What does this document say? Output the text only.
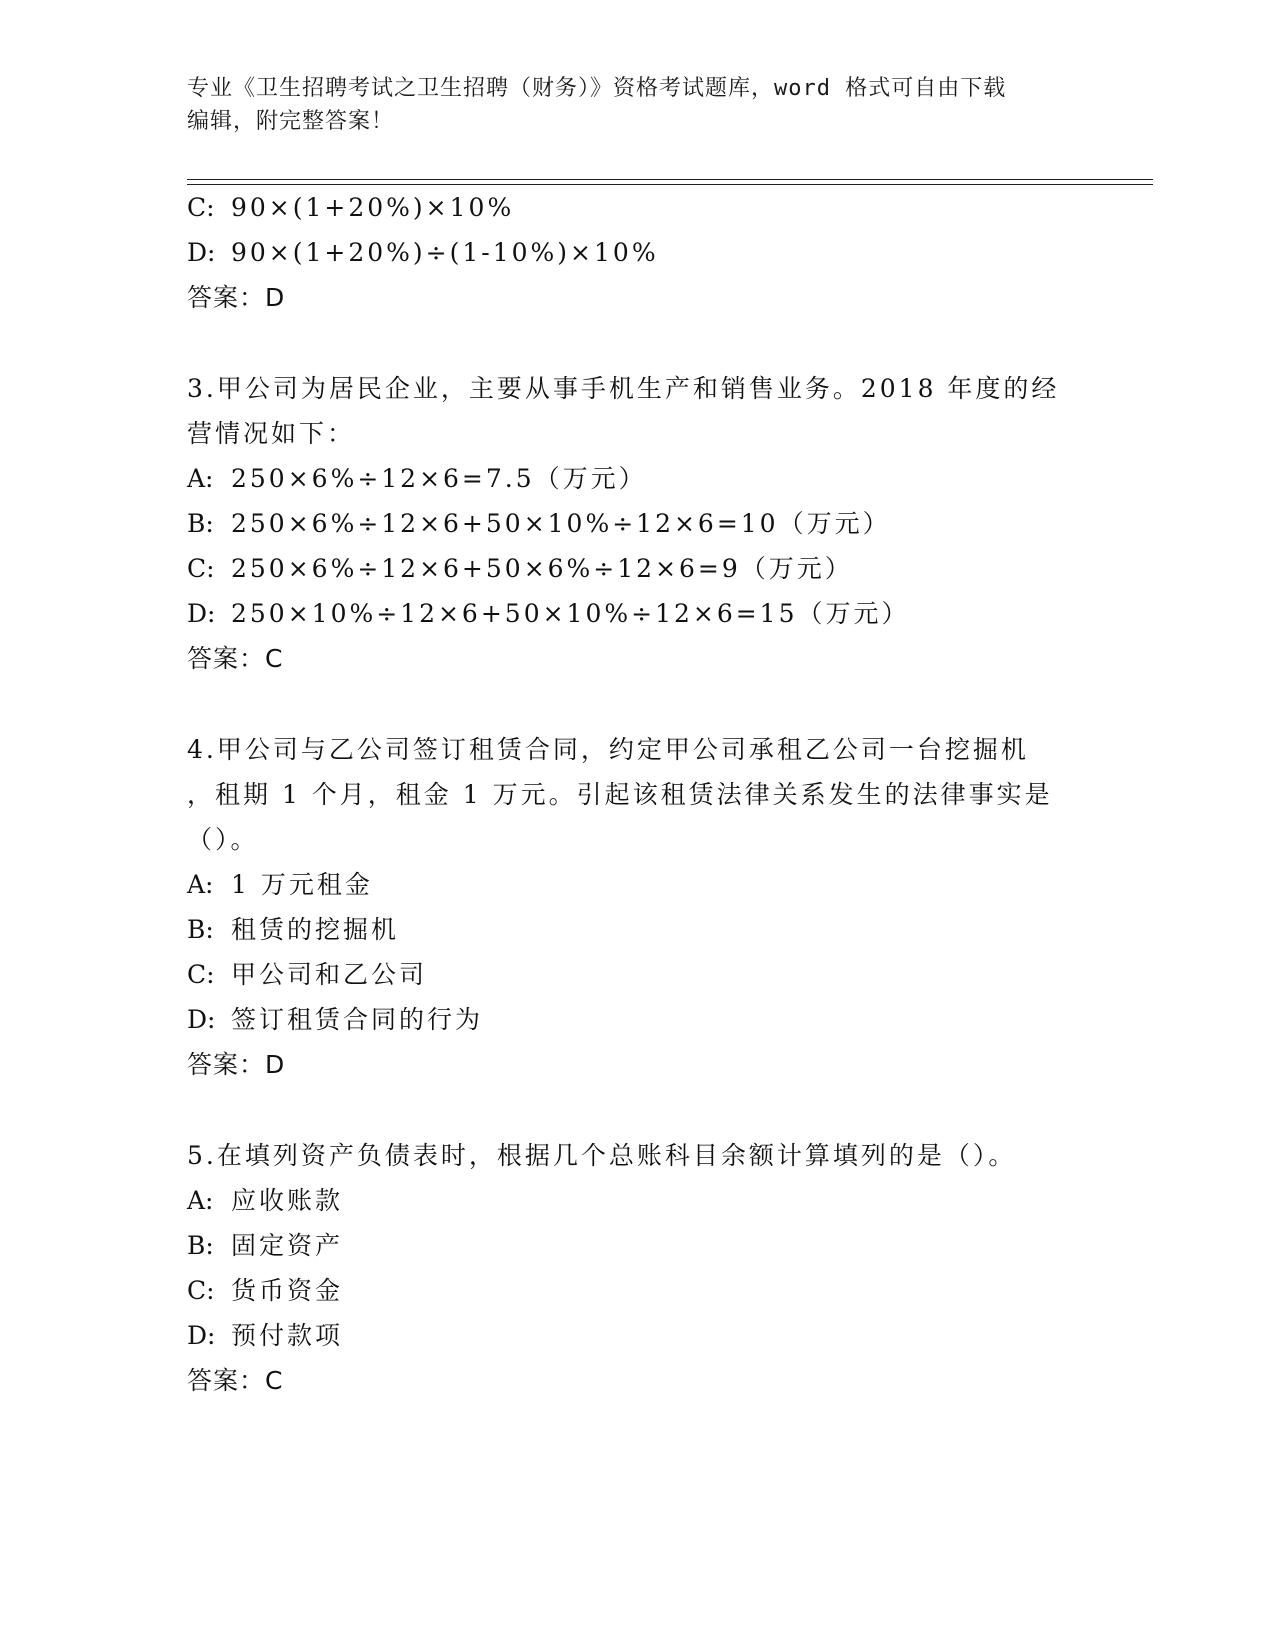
专业《卫生招聘考试之卫生招聘（财务）》资格考试题库，word 格式可自由下载
编辑，附完整答案！
C: 90×(1+20%)×10%
D: 90×(1+20%)÷(1-10%)×10%
答案：D
3.甲公司为居民企业，主要从事手机生产和销售业务。2018 年度的经
营情况如下：
A: 250×6%÷12×6=7.5（万元）
B: 250×6%÷12×6+50×10%÷12×6=10（万元）
C: 250×6%÷12×6+50×6%÷12×6=9（万元）
D: 250×10%÷12×6+50×10%÷12×6=15（万元）
答案：C
4.甲公司与乙公司签订租赁合同，约定甲公司承租乙公司一台挖掘机
，租期 1 个月，租金 1 万元。引起该租赁法律关系发生的法律事实是
（）。
A: 1 万元租金
B: 租赁的挖掘机
C: 甲公司和乙公司
D: 签订租赁合同的行为
答案：D
5.在填列资产负债表时，根据几个总账科目余额计算填列的是（）。
A: 应收账款
B: 固定资产
C: 货币资金
D: 预付款项
答案：C
